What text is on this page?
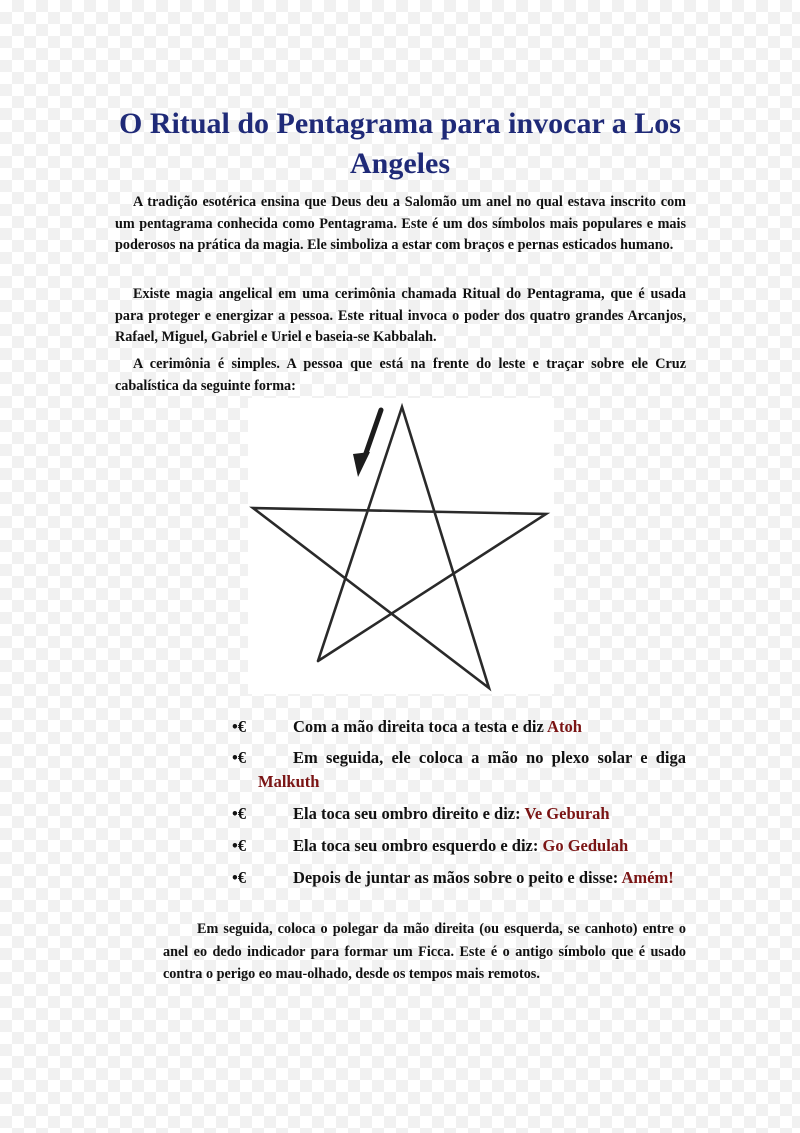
O Ritual do Pentagrama para invocar a Los Angeles

A tradição esotérica ensina que Deus deu a Salomão um anel no qual estava inscrito com um pentagrama conhecida como Pentagrama. Este é um dos símbolos mais populares e mais poderosos na prática da magia. Ele simboliza a estar com braços e pernas esticados humano.

Existe magia angelical em uma cerimônia chamada Ritual do Pentagrama, que é usada para proteger e energizar a pessoa. Este ritual invoca o poder dos quatro grandes Arcanjos, Rafael, Miguel, Gabriel e Uriel e baseia-se Kabbalah.

A cerimônia é simples. A pessoa que está na frente do leste e traçar sobre ele Cruz cabalística da seguinte forma:

•€	Com a mão direita toca a testa e diz Atoh
•€	Em seguida, ele coloca a mão no plexo solar e diga Malkuth
•€	Ela toca seu ombro direito e diz: Ve Geburah
•€	Ela toca seu ombro esquerdo e diz: Go Gedulah
•€	Depois de juntar as mãos sobre o peito e disse: Amém!

Em seguida, coloca o polegar da mão direita (ou esquerda, se canhoto) entre o anel eo dedo indicador para formar um Ficca. Este é o antigo símbolo que é usado contra o perigo eo mau-olhado, desde os tempos mais remotos.
